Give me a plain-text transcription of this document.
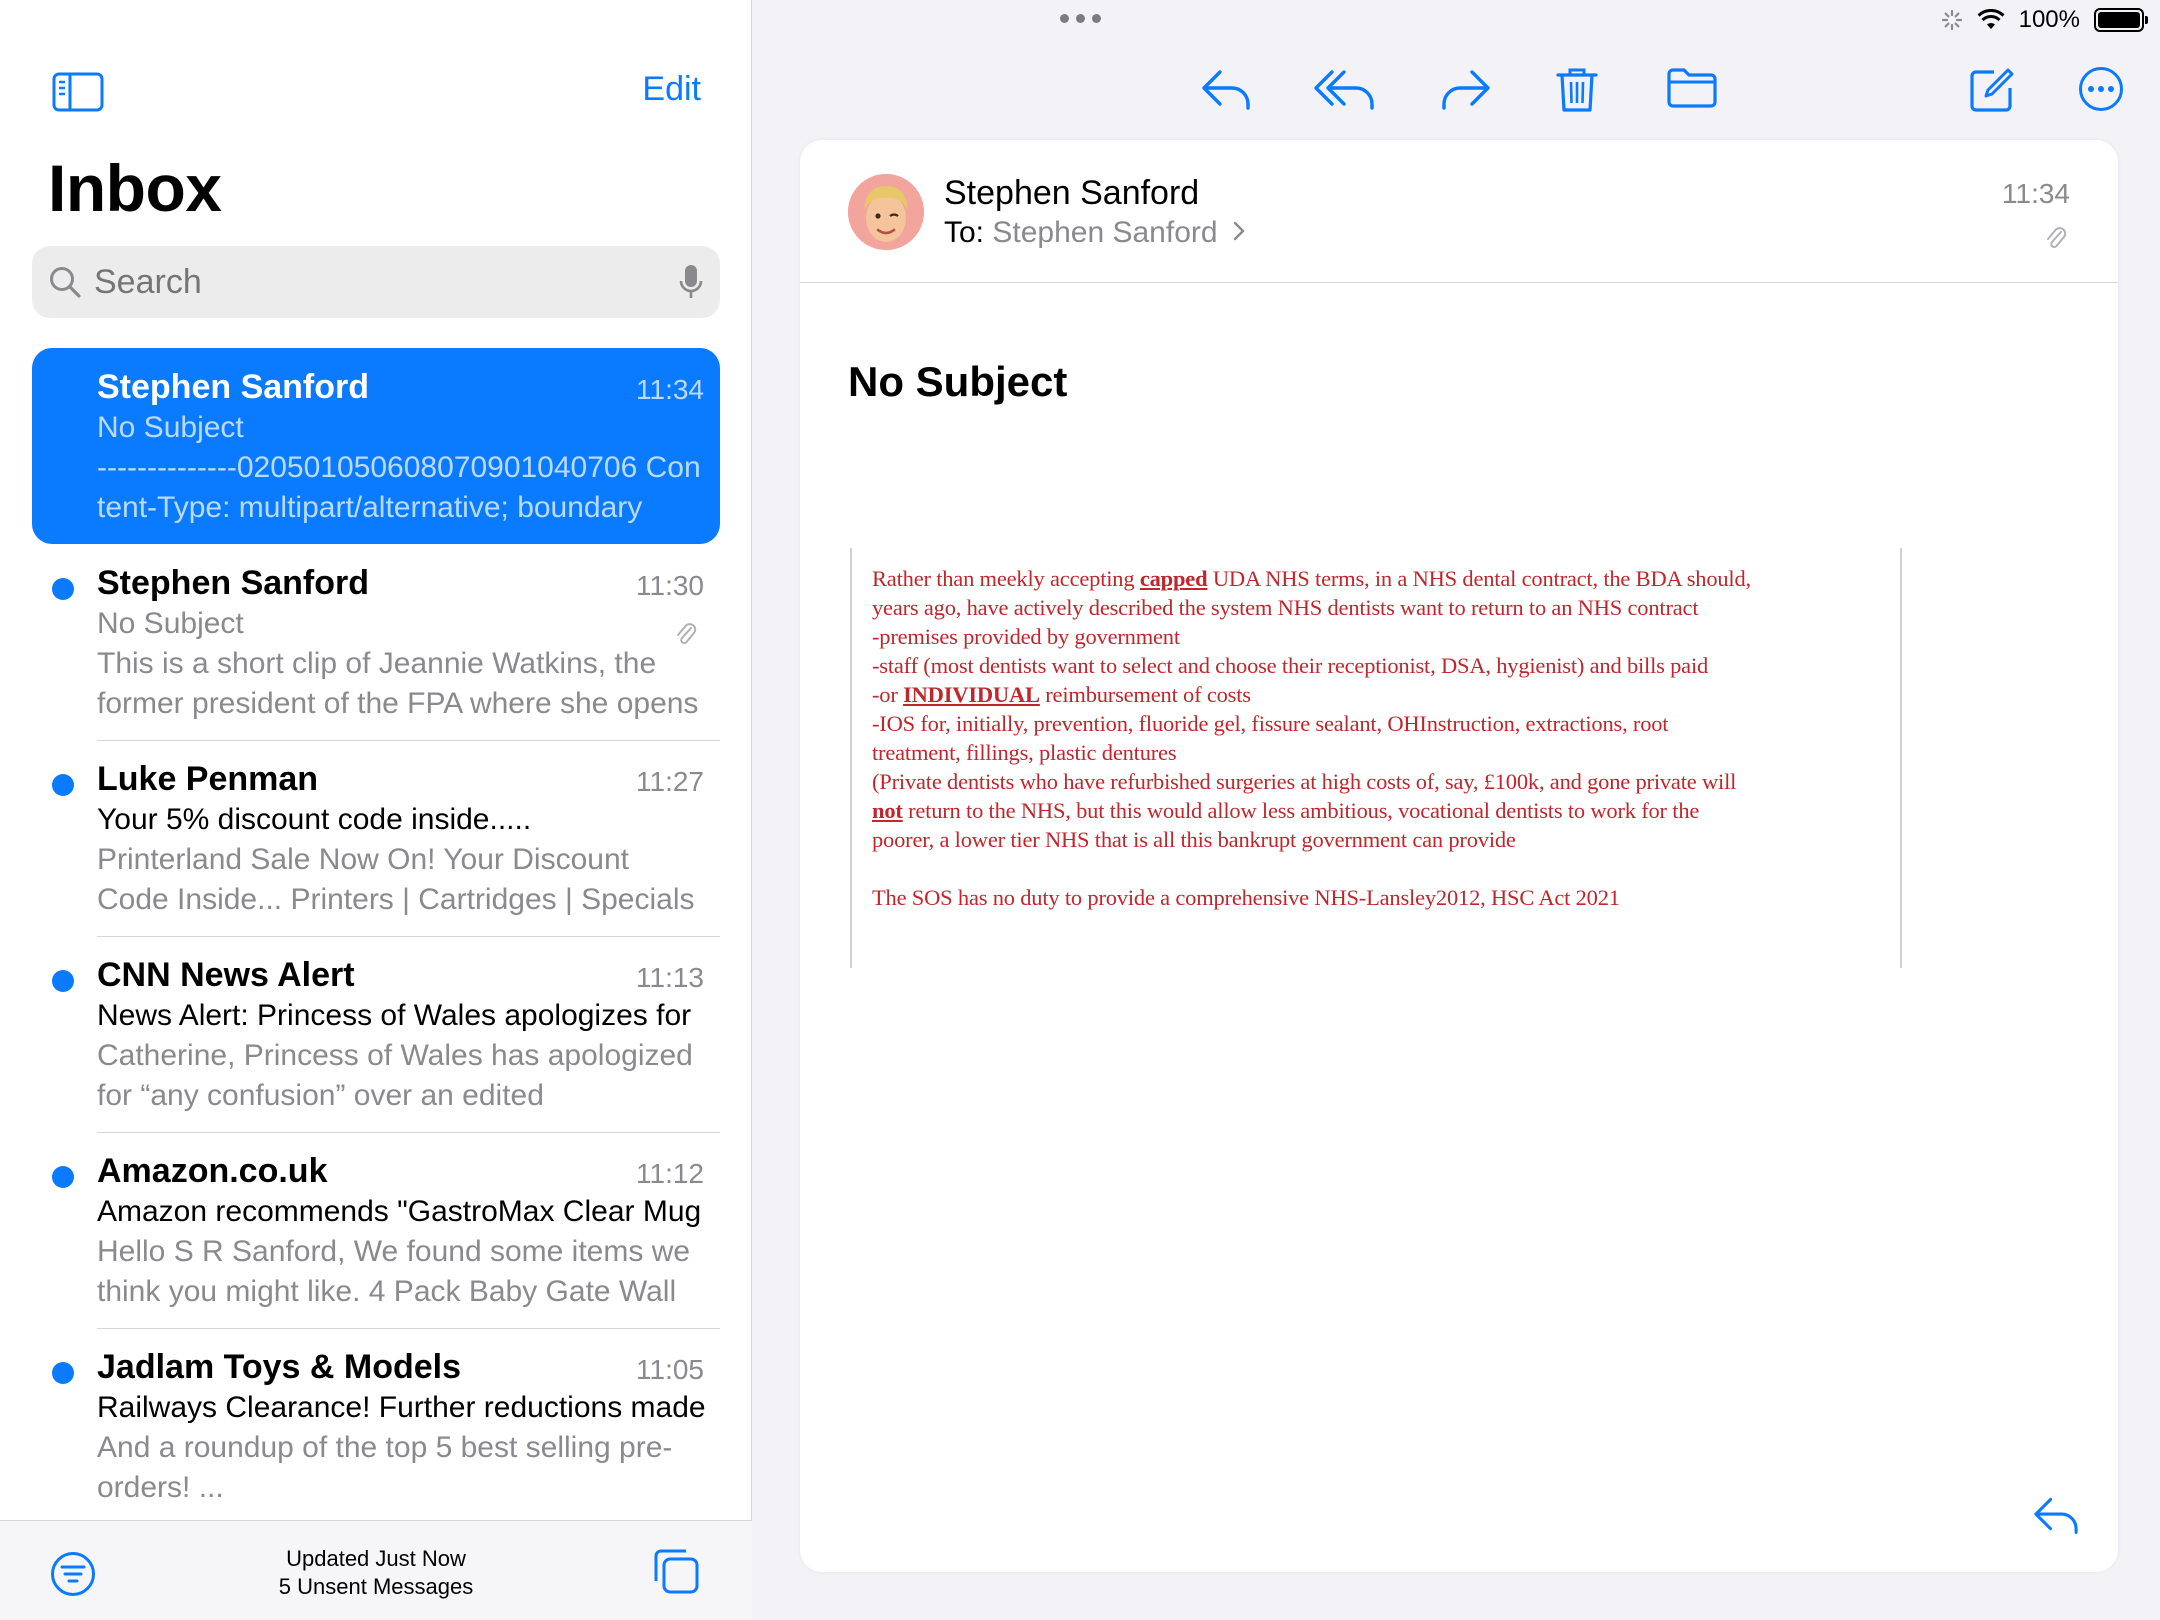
100%
Edit
Inbox
Search
Stephen Sanford	11:34
No Subject
--------------020501050608070901040706 Content-Type: multipart/alternative; boundary
Stephen Sanford	11:30
No Subject
This is a short clip of Jeannie Watkins, the former president of the FPA where she opens
Luke Penman	11:27
Your 5% discount code inside.....
Printerland Sale Now On! Your Discount Code Inside... Printers | Cartridges | Specials
CNN News Alert	11:13
News Alert: Princess of Wales apologizes for
Catherine, Princess of Wales has apologized for “any confusion” over an edited
Amazon.co.uk	11:12
Amazon recommends "GastroMax Clear Mug
Hello S R Sanford, We found some items we think you might like. 4 Pack Baby Gate Wall
Jadlam Toys & Models	11:05
Railways Clearance! Further reductions made
And a roundup of the top 5 best selling pre-orders! ...
Updated Just Now
5 Unsent Messages
Stephen Sanford
To: Stephen Sanford
11:34
No Subject

Rather than meekly accepting capped UDA NHS terms, in a NHS dental contract, the BDA should,

years ago, have actively described the system NHS dentists want to return to an NHS contract

-premises provided by government

-staff (most dentists want to select and choose their receptionist, DSA, hygienist) and bills paid

-or INDIVIDUAL reimbursement of costs

-IOS for, initially, prevention, fluoride gel, fissure sealant, OHInstruction, extractions, root

treatment, fillings, plastic dentures

(Private dentists who have refurbished surgeries at high costs of, say, £100k, and gone private will

not return to the NHS, but this would allow less ambitious, vocational dentists to work for the

poorer, a lower tier NHS that is all this bankrupt government can provide

The SOS has no duty to provide a comprehensive NHS-Lansley2012, HSC Act 2021
